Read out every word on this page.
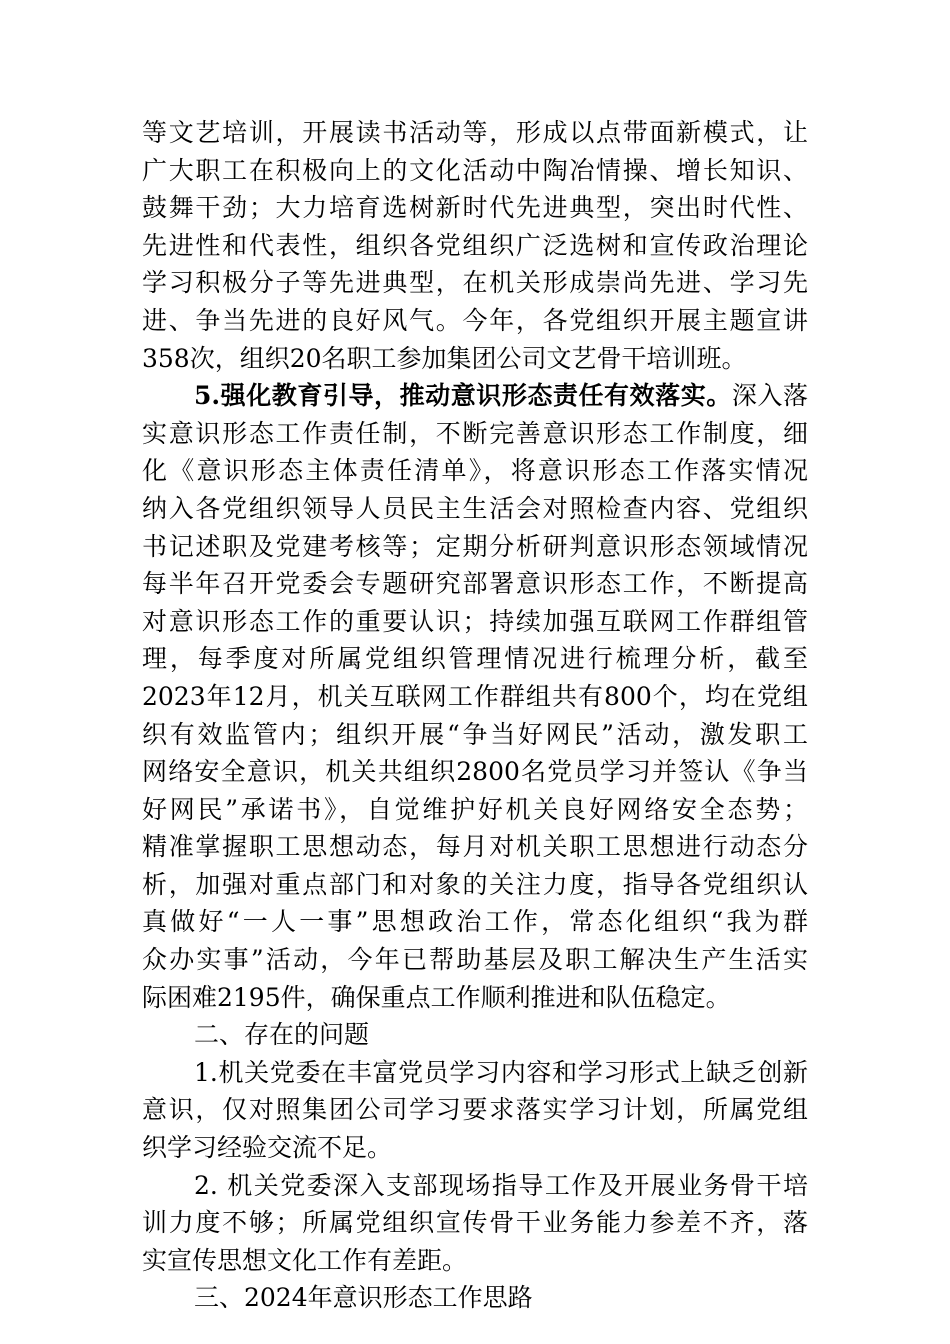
等文艺培训，开展读书活动等，形成以点带面新模式，让
广大职工在积极向上的文化活动中陶冶情操、增长知识、
鼓舞干劲；大力培育选树新时代先进典型，突出时代性、
先进性和代表性，组织各党组织广泛选树和宣传政治理论
学习积极分子等先进典型，在机关形成崇尚先进、学习先
进、争当先进的良好风气。今年，各党组织开展主题宣讲
358次，组织20名职工参加集团公司文艺骨干培训班。
5.强化教育引导，推动意识形态责任有效落实。深入落
实意识形态工作责任制，不断完善意识形态工作制度，细
化《意识形态主体责任清单》，将意识形态工作落实情况
纳入各党组织领导人员民主生活会对照检查内容、党组织
书记述职及党建考核等；定期分析研判意识形态领域情况
每半年召开党委会专题研究部署意识形态工作，不断提高
对意识形态工作的重要认识；持续加强互联网工作群组管
理，每季度对所属党组织管理情况进行梳理分析，截至
2023年12月，机关互联网工作群组共有800个，均在党组
织有效监管内；组织开展“争当好网民”活动，激发职工
网络安全意识，机关共组织2800名党员学习并签认《争当
好网民”承诺书》，自觉维护好机关良好网络安全态势；
精准掌握职工思想动态，每月对机关职工思想进行动态分
析，加强对重点部门和对象的关注力度，指导各党组织认
真做好“一人一事”思想政治工作，常态化组织“我为群
众办实事”活动，今年已帮助基层及职工解决生产生活实
际困难2195件，确保重点工作顺利推进和队伍稳定。
二、存在的问题
1.机关党委在丰富党员学习内容和学习形式上缺乏创新
意识，仅对照集团公司学习要求落实学习计划，所属党组
织学习经验交流不足。
2. 机关党委深入支部现场指导工作及开展业务骨干培
训力度不够；所属党组织宣传骨干业务能力参差不齐，落
实宣传思想文化工作有差距。
三、2024年意识形态工作思路
